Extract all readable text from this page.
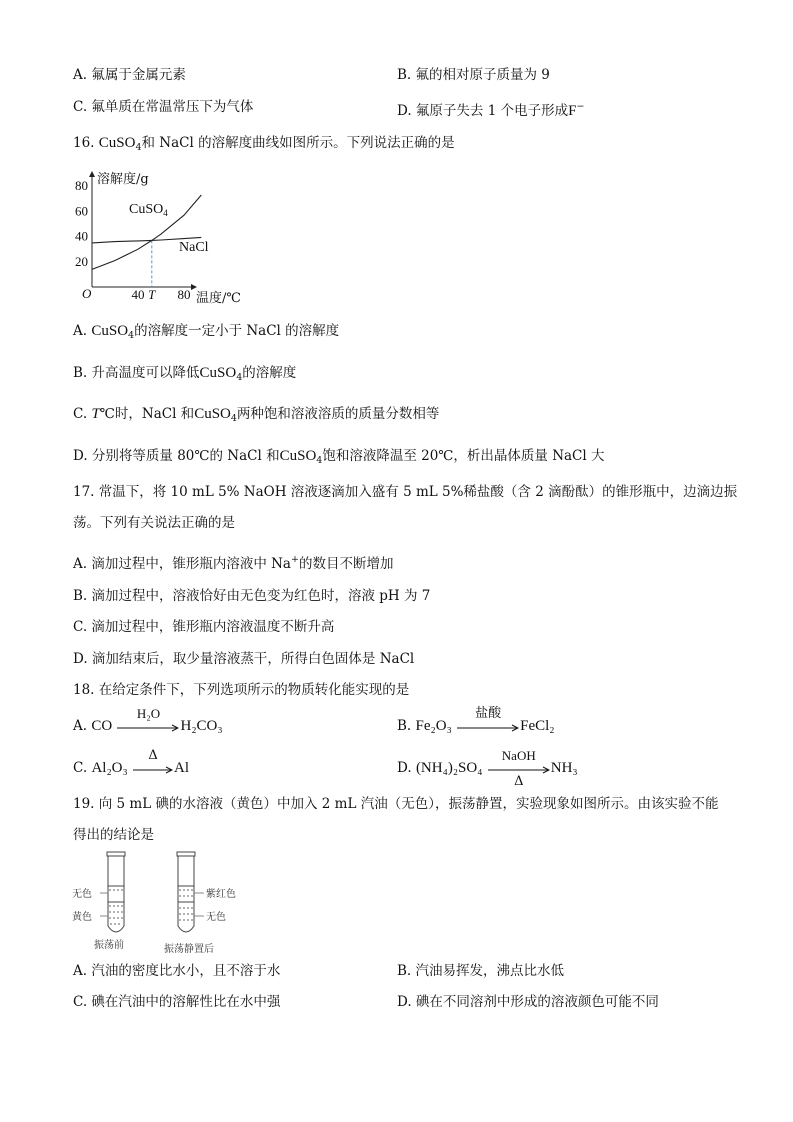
A. 氟属于金属元素	B. 氟的相对原子质量为 9
C. 氟单质在常温常压下为气体	D. 氟原子失去 1 个电子形成F−
16. CuSO$_4$和 NaCl 的溶解度曲线如图所示。下列说法正确的是
溶解度/g
温度/℃
O
20
40
60
80
40 T 80
CuSO$_4$
NaCl
A. CuSO$_4$的溶解度一定小于 NaCl 的溶解度
B. 升高温度可以降低CuSO$_4$的溶解度
C. T℃时，NaCl 和CuSO$_4$两种饱和溶液溶质的质量分数相等
D. 分别将等质量 80℃的 NaCl 和CuSO$_4$饱和溶液降温至 20℃，析出晶体质量 NaCl 大
17. 常温下，将 10 mL 5% NaOH 溶液逐滴加入盛有 5 mL 5%稀盐酸（含 2 滴酚酞）的锥形瓶中，边滴边振
荡。下列有关说法正确的是
A. 滴加过程中，锥形瓶内溶液中 Na+的数目不断增加
B. 滴加过程中，溶液恰好由无色变为红色时，溶液 pH 为 7
C. 滴加过程中，锥形瓶内溶液温度不断升高
D. 滴加结束后，取少量溶液蒸干，所得白色固体是 NaCl
18. 在给定条件下，下列选项所示的物质转化能实现的是
A. CO
H₂O
H₂CO₃	B. Fe₂O₃
盐酸
FeCl₂
C. Al₂O₃
Δ
Al	D. (NH₄)₂SO₄
NaOH
Δ
NH₃
19. 向 5 mL 碘的水溶液（黄色）中加入 2 mL 汽油（无色），振荡静置，实验现象如图所示。由该实验不能
得出的结论是
无色
黄色
振荡前
紫红色
无色
振荡静置后
A. 汽油的密度比水小，且不溶于水	B. 汽油易挥发，沸点比水低
C. 碘在汽油中的溶解性比在水中强	D. 碘在不同溶剂中形成的溶液颜色可能不同
